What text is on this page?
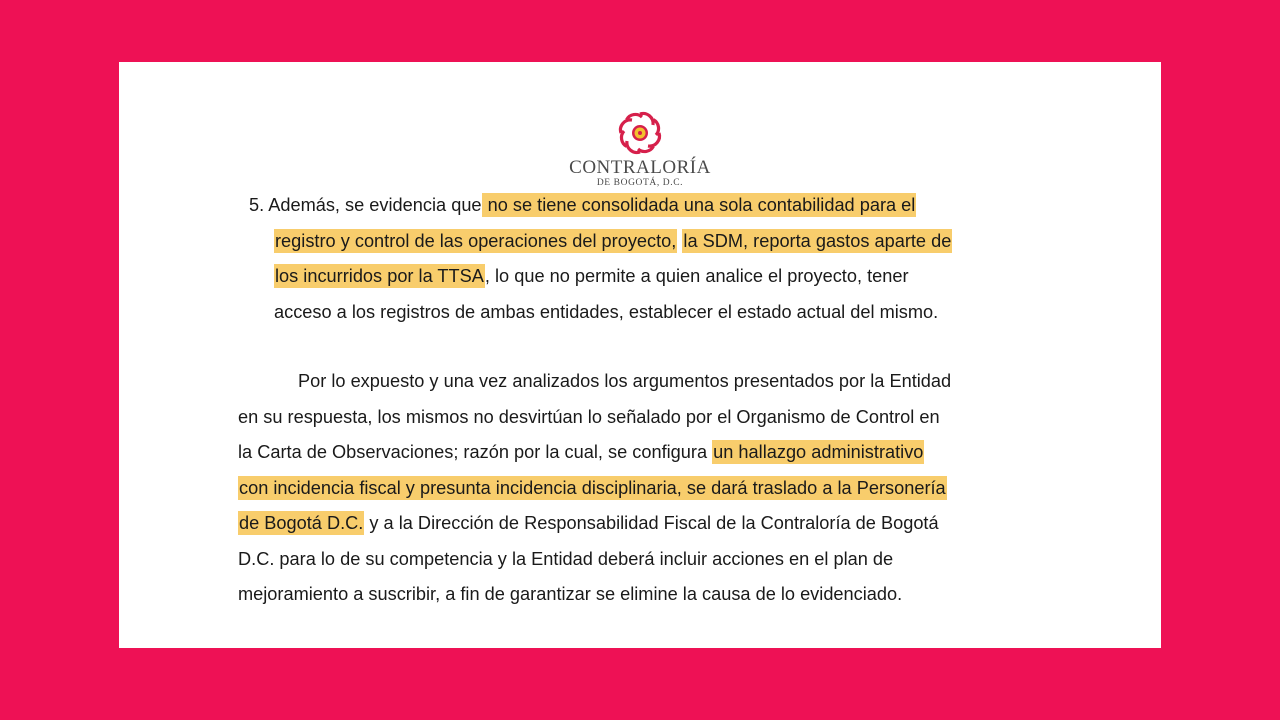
CONTRALORÍA
DE BOGOTÁ, D.C.
5. Además, se evidencia que no se tiene consolidada una sola contabilidad para el
registro y control de las operaciones del proyecto, la SDM, reporta gastos aparte de
los incurridos por la TTSA, lo que no permite a quien analice el proyecto, tener
acceso a los registros de ambas entidades, establecer el estado actual del mismo.
Por lo expuesto y una vez analizados los argumentos presentados por la Entidad
en su respuesta, los mismos no desvirtúan lo señalado por el Organismo de Control en
la Carta de Observaciones; razón por la cual, se configura un hallazgo administrativo
con incidencia fiscal y presunta incidencia disciplinaria, se dará traslado a la Personería
de Bogotá D.C. y a la Dirección de Responsabilidad Fiscal de la Contraloría de Bogotá
D.C. para lo de su competencia y la Entidad deberá incluir acciones en el plan de
mejoramiento a suscribir, a fin de garantizar se elimine la causa de lo evidenciado.
